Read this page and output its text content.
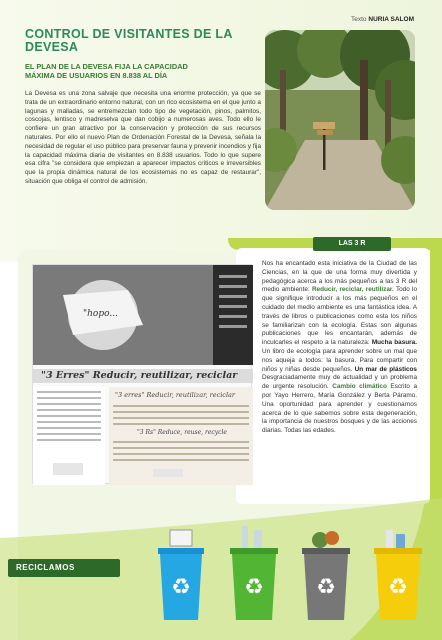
Texto NURIA SALOM
CONTROL DE VISITANTES DE LA
DEVESA
EL PLAN DE LA DEVESA FIJA LA CAPACIDAD
MÁXIMA DE USUARIOS EN 8.838 AL DÍA

La Devesa es una zona salvaje que necesita una enorme protección, ya que se trata de un extraordinario entorno natural, con un rico ecosistema en el que junto a lagunas y malladas, se entremezclan todo tipo de vegetación, pinos, palmitos, coscojas, lentisco y madreselva que dan cobijo a numerosas aves. Todo ello le confiere un gran atractivo por la conservación y protección de sus recursos naturales. Por ello el nuevo Plan de Ordenación Forestal de la Devesa, señala la necesidad de regular el uso público para preservar fauna y prevenir incendios y fija la capacidad máxima diaria de visitantes en 8.838 usuarios. Todo lo que supere esa cifra "se considera que empiezan a aparecer impactos críticos e irreversibles que la propia dinámica natural de los ecosistemas no es capaz de restaurar", situación que obliga el control de admisión.

LAS 3 R
"hopo...
"3 Erres" Reducir, reutilizar, reciclar
"3 erres" Reducir, reutilizar, reciclar
"3 Rs" Reduce, reuse, recycle
Nos ha encantado esta iniciativa de la Ciudad de las Ciencias, en la que de una forma muy divertida y pedagógica acerca a los más pequeños a las 3 R del medio ambiente: Reducir, reciclar, reutilizar. Todo lo que signifique introducir a los más pequeños en el cuidado del medio ambiente es una fantástica idea. A través de libros o publicaciones como esta los niños se familiarizan con la ecología. Estas son algunas publicaciones que les encantarán, además de inculcarles el respeto a la naturaleza: Mucha basura. Un libro de ecología para aprender sobre un mal que nos aqueja a todos: la basura. Para compartir con niños y niñas desde pequeños. Un mar de plásticos Desgraciadamente muy de actualidad y un problema de urgente resolución. Cambio climático Escrito a por Yayo Herrero, María González y Berta Páramo. Una oportunidad para aprender y cuestionarnos acerca de lo que sabemos sobre esta degeneración, la importancia de nuestros bosques y de las acciones diarias. Todas las edades.
RECICLAMOS
♻ ♻ ♻ ♻
